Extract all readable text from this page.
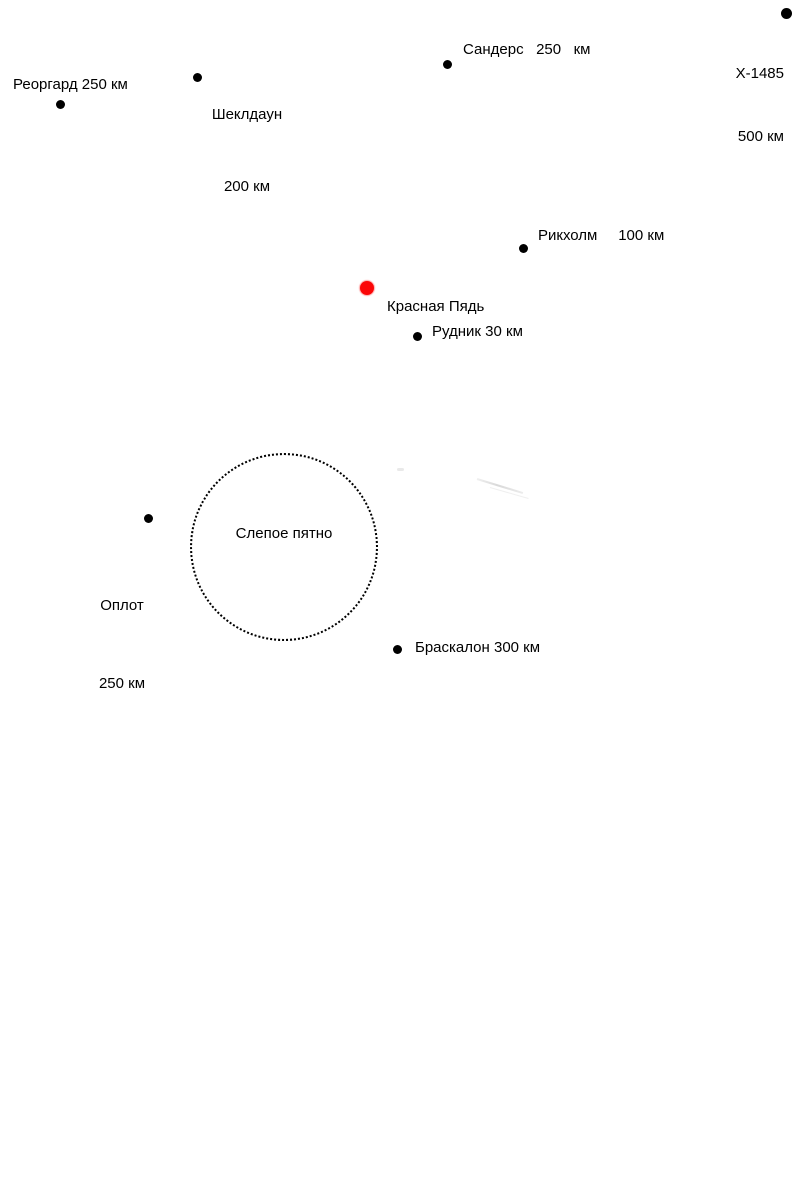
Х-1485

500 км

Сандерс   250   км

Шеклдаун

200 км

Реоргард 250 км
Рикхолм     100 км
Красная Пядь
Рудник 30 км
Слепое пятно

Оплот

250 км

Браскалон 300 км
